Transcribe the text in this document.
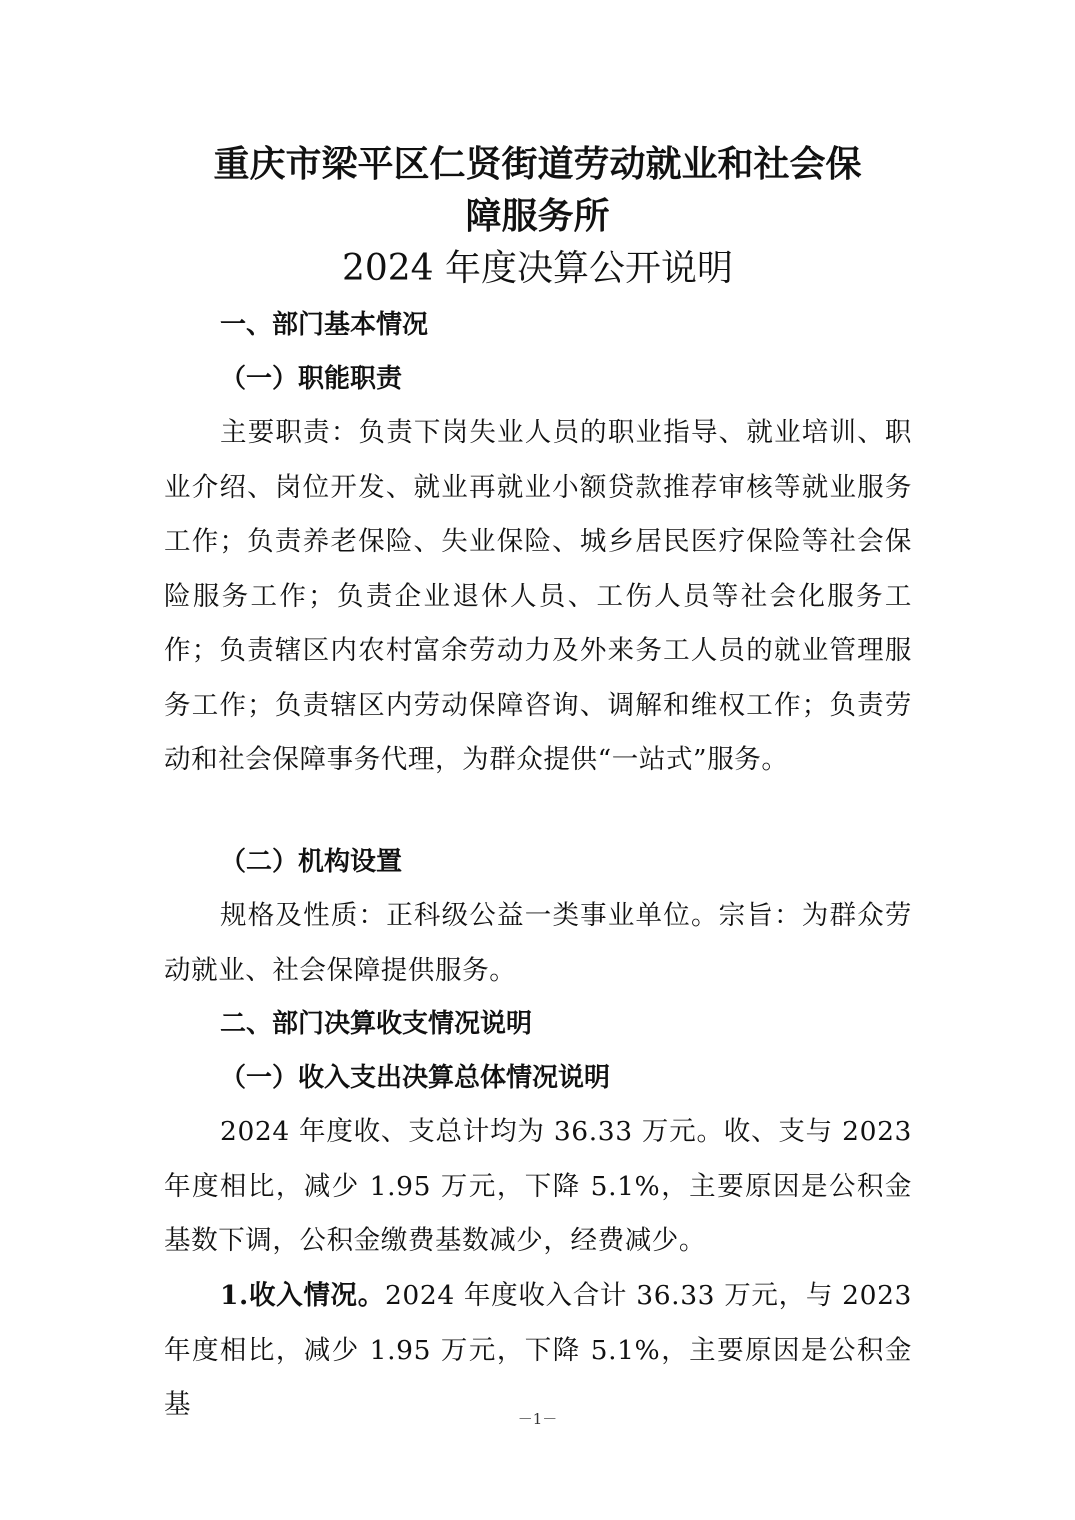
重庆市梁平区仁贤街道劳动就业和社会保
障服务所
2024 年度决算公开说明
一、部门基本情况
（一）职能职责

主要职责：负责下岗失业人员的职业指导、就业培训、职业介绍、岗位开发、就业再就业小额贷款推荐审核等就业服务工作；负责养老保险、失业保险、城乡居民医疗保险等社会保险服务工作；负责企业退休人员、工伤人员等社会化服务工作；负责辖区内农村富余劳动力及外来务工人员的就业管理服务工作；负责辖区内劳动保障咨询、调解和维权工作；负责劳动和社会保障事务代理，为群众提供“一站式”服务。

（二）机构设置

规格及性质：正科级公益一类事业单位。宗旨：为群众劳动就业、社会保障提供服务。

二、部门决算收支情况说明
（一）收入支出决算总体情况说明

2024 年度收、支总计均为 36.33 万元。收、支与 2023 年度相比，减少 1.95 万元，下降 5.1%，主要原因是公积金基数下调，公积金缴费基数减少，经费减少。

1.收入情况。2024 年度收入合计 36.33 万元，与 2023 年度相比，减少 1.95 万元，下降 5.1%，主要原因是公积金基	－1－
